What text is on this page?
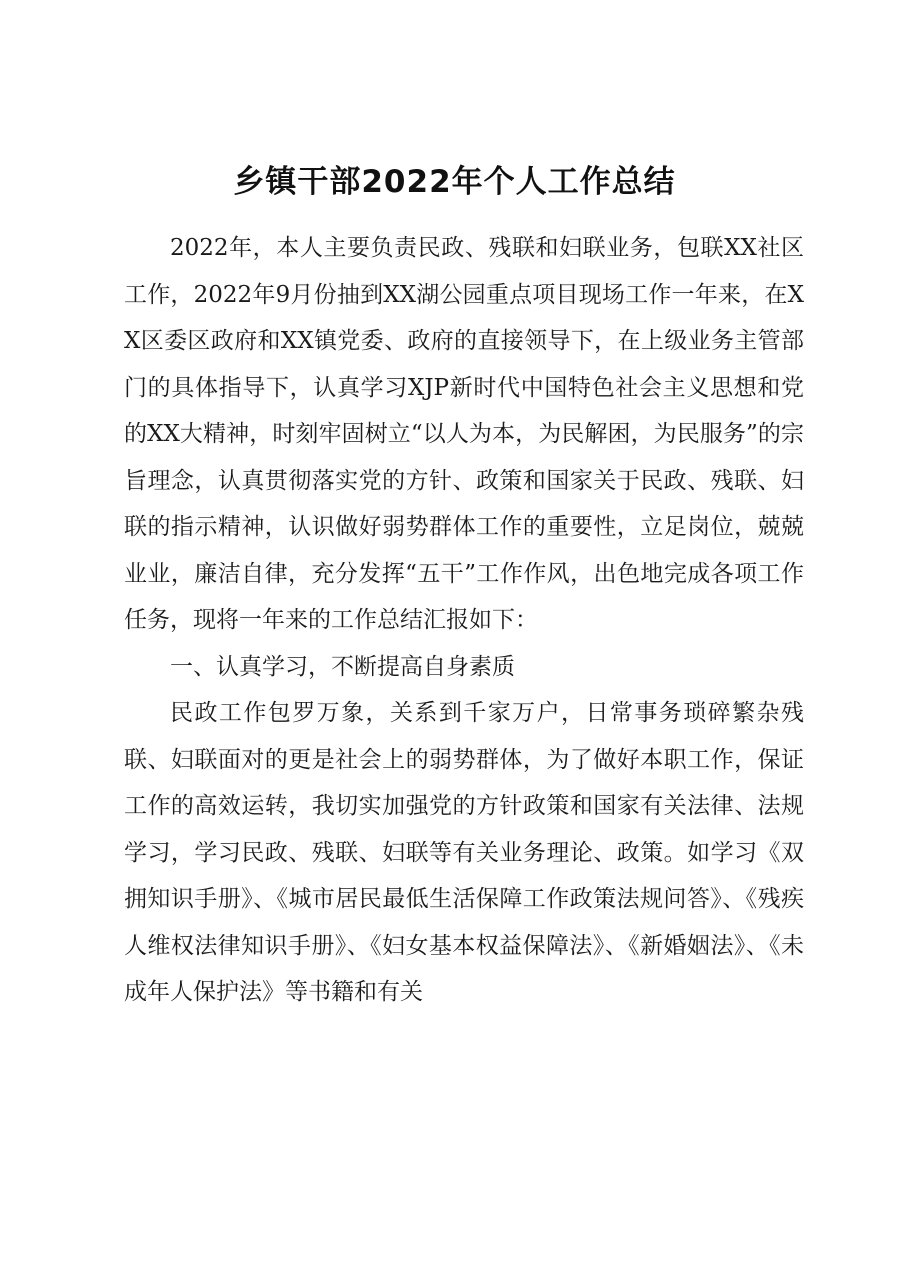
乡镇干部2022年个人工作总结

2022年，本人主要负责民政、残联和妇联业务，包联XX社区工作，2022年9月份抽到XX湖公园重点项目现场工作一年来，在XX区委区政府和XX镇党委、政府的直接领导下，在上级业务主管部门的具体指导下，认真学习XJP新时代中国特色社会主义思想和党的XX大精神，时刻牢固树立“以人为本，为民解困，为民服务”的宗旨理念，认真贯彻落实党的方针、政策和国家关于民政、残联、妇联的指示精神，认识做好弱势群体工作的重要性，立足岗位，兢兢业业，廉洁自律，充分发挥“五干”工作作风，出色地完成各项工作任务，现将一年来的工作总结汇报如下：

一、认真学习，不断提高自身素质

民政工作包罗万象，关系到千家万户，日常事务琐碎繁杂残联、妇联面对的更是社会上的弱势群体，为了做好本职工作，保证工作的高效运转，我切实加强党的方针政策和国家有关法律、法规学习，学习民政、残联、妇联等有关业务理论、政策。如学习《双拥知识手册》、《城市居民最低生活保障工作政策法规问答》、《残疾人维权法律知识手册》、《妇女基本权益保障法》、《新婚姻法》、《未成年人保护法》等书籍和有关
